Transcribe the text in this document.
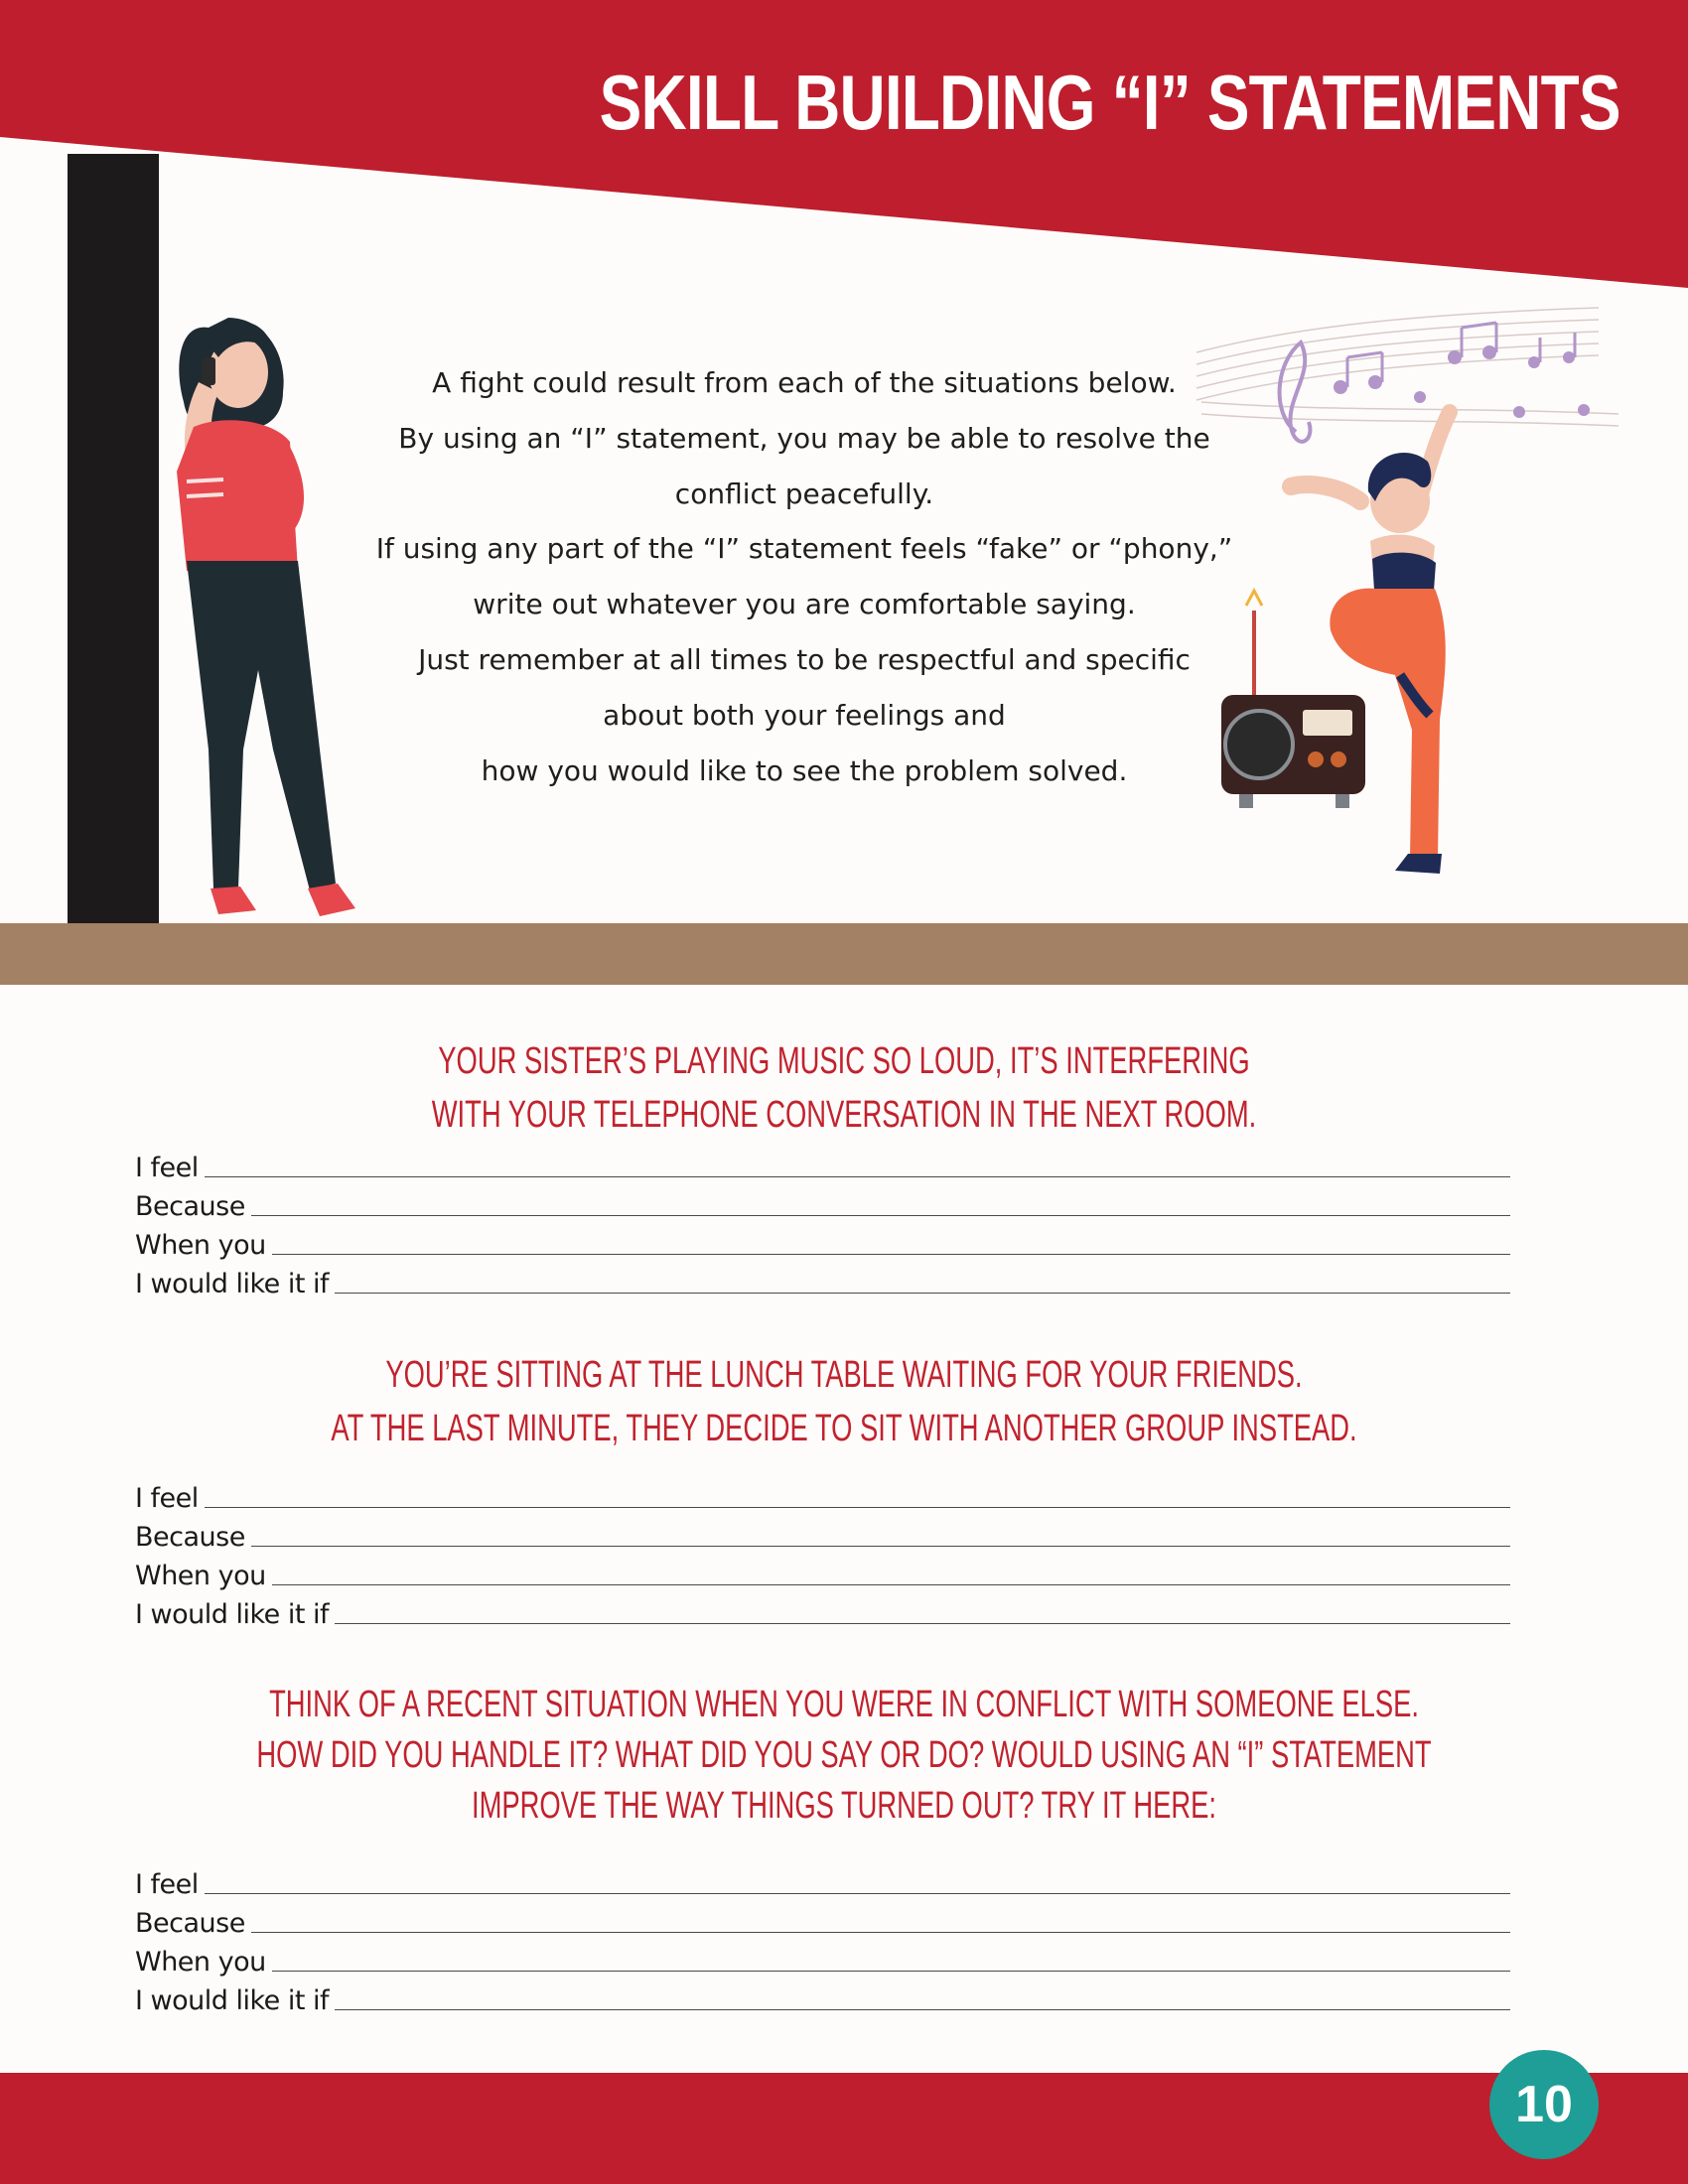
SKILL BUILDING “I” STATEMENTS
A fight could result from each of the situations below.
By using an “I” statement, you may be able to resolve the
conflict peacefully.
If using any part of the “I” statement feels “fake” or “phony,”
write out whatever you are comfortable saying.
Just remember at all times to be respectful and specific
about both your feelings and
how you would like to see the problem solved.
YOUR SISTER’S PLAYING MUSIC SO LOUD, IT’S INTERFERING
WITH YOUR TELEPHONE CONVERSATION IN THE NEXT ROOM.
I feel
Because
When you
I would like it if
YOU’RE SITTING AT THE LUNCH TABLE WAITING FOR YOUR FRIENDS.
AT THE LAST MINUTE, THEY DECIDE TO SIT WITH ANOTHER GROUP INSTEAD.
I feel
Because
When you
I would like it if
THINK OF A RECENT SITUATION WHEN YOU WERE IN CONFLICT WITH SOMEONE ELSE.
HOW DID YOU HANDLE IT? WHAT DID YOU SAY OR DO? WOULD USING AN “I” STATEMENT
IMPROVE THE WAY THINGS TURNED OUT? TRY IT HERE:
I feel
Because
When you
I would like it if
10
